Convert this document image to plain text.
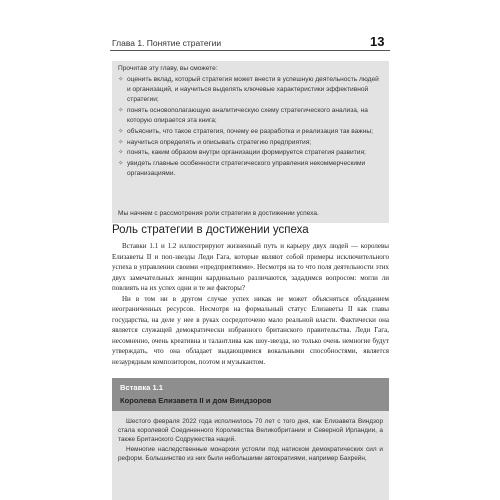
Глава 1. Понятие стратегии	13
Прочитав эту главу, вы сможете:
✧ оценить вклад, который стратегия может внести в успешную деятельность людей и организаций, и научиться выделять ключевые характеристики эффективной стратегии;
✧ понять основополагающую аналитическую схему стратегического анализа, на которую опирается эта книга;
✧ объяснить, что такое стратегия, почему ее разработка и реализация так важны;
✧ научиться определять и описывать стратегию предприятия;
✧ понять, каким образом внутри организации формируется стратегия развития;
✧ увидеть главные особенности стратегического управления некоммерческими организациями.
Мы начнем с рассмотрения роли стратегии в достижении успеха.
Роль стратегии в достижении успеха

Вставки 1.1 и 1.2 иллюстрируют жизненный путь и карьеру двух людей — королевы Елизаветы II и поп-звезды Леди Гага, которые являют собой примеры исключительного успеха в управлении своими «предприятиями». Несмотря на то что поля деятельности этих двух замечательных женщин кардинально различаются, зададимся вопросом: могли ли повлиять на их успех одни и те же факторы?

Ни в том ни в другом случае успех никак не может объясняться обладанием неограниченных ресурсов. Несмотря на формальный статус Елизаветы II как главы государства, на деле у нее в руках сосредоточено мало реальной власти. Фактически она является служащей демократически избранного британского правительства. Леди Гага, несомненно, очень креативна и талантлива как шоу-звезда, но только очень немногие будут утверждать, что она обладает выдающимися вокальными способностями, является незаурядным композитором, поэтом и музыкантом.

Вставка 1.1
Королева Елизавета II и дом Виндзоров

Шестого февраля 2022 года исполнилось 70 лет с того дня, как Елизавета Виндзор стала королевой Соединенного Королевства Великобритании и Северной Ирландии, а также Британского Содружества наций.

Немногие наследственные монархии устояли под натиском демократических сил и реформ. Большинство из них были небольшими автократиями, например Бахрейн,
